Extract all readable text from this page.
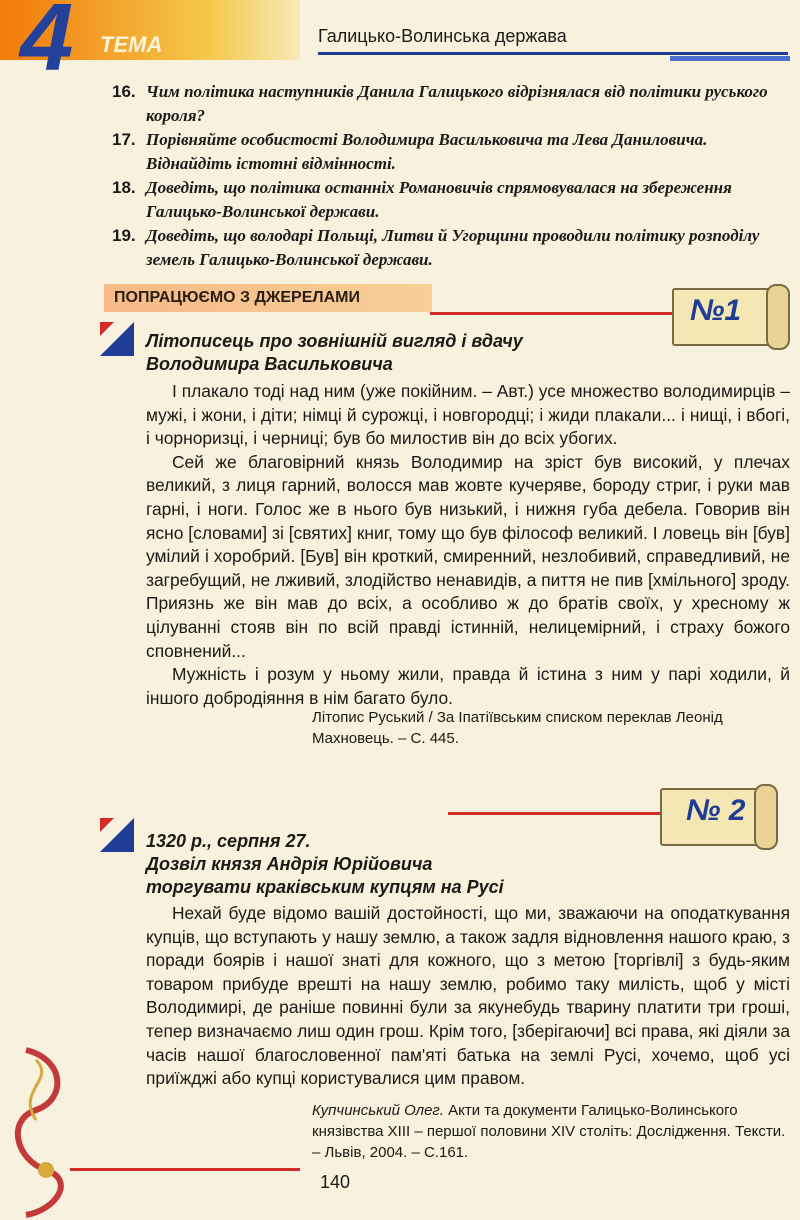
4 ТЕМА	Галицько-Волинська держава
16. Чим політика наступників Данила Галицького відрізнялася від політики руського короля?
17. Порівняйте особистості Володимира Васильковича та Лева Даниловича. Віднайдіть істотні відмінності.
18. Доведіть, що політика останніх Романовичів спрямовувалася на збереження Галицько-Волинської держави.
19. Доведіть, що володарі Польщі, Литви й Угорщини проводили політику розподілу земель Галицько-Волинської держави.
ПОПРАЦЮЄМО З ДЖЕРЕЛАМИ	№1
Літописець про зовнішній вигляд і вдачу
Володимира Васильковича

І плакало тоді над ним (уже покійним. – Авт.) усе множество володимирців – мужі, і жони, і діти; німці й сурожці, і новгородці; і жиди плакали... і нищі, і вбогі, і чорноризці, і черниці; був бо милостив він до всіх убогих.

Сей же благовірний князь Володимир на зріст був високий, у плечах великий, з лиця гарний, волосся мав жовте кучеряве, бороду стриг, і руки мав гарні, і ноги. Голос же в нього був низький, і нижня губа дебела. Говорив він ясно [словами] зі [святих] книг, тому що був філософ великий. І ловець він [був] умілий і хоробрий. [Був] він кроткий, смиренний, незлобивий, справедливий, не загребущий, не лживий, злодійство ненавидів, а пиття не пив [хмільного] зроду. Приязнь же він мав до всіх, а особливо ж до братів своїх, у хресному ж цілуванні стояв він по всій правді істинній, нелицемірний, і страху божого сповнений...

Мужність і розум у ньому жили, правда й істина з ним у парі ходили, й іншого добродіяння в нім багато було.

Літопис Руський / За Іпатіївським списком переклав Леонід Махновець. – С. 445.
№ 2
1320 р., серпня 27.
Дозвіл князя Андрія Юрійовича
торгувати краківським купцям на Русі

Нехай буде відомо вашій достойності, що ми, зважаючи на оподаткування купців, що вступають у нашу землю, а також задля відновлення нашого краю, з поради боярів і нашої знаті для кожного, що з метою [торгівлі] з будь-яким товаром прибуде врешті на нашу землю, робимо таку милість, щоб у місті Володимирі, де раніше повинні були за якунебудь тварину платити три гроші, тепер визначаємо лиш один грош. Крім того, [зберігаючи] всі права, які діяли за часів нашої благословенної пам'яті батька на землі Русі, хочемо, щоб усі приїжджі або купці користувалися цим правом.

Купчинський Олег. Акти та документи Галицько-Волинського князівства XIII – першої половини XIV століть: Дослідження. Тексти. – Львів, 2004. – С.161.
140
